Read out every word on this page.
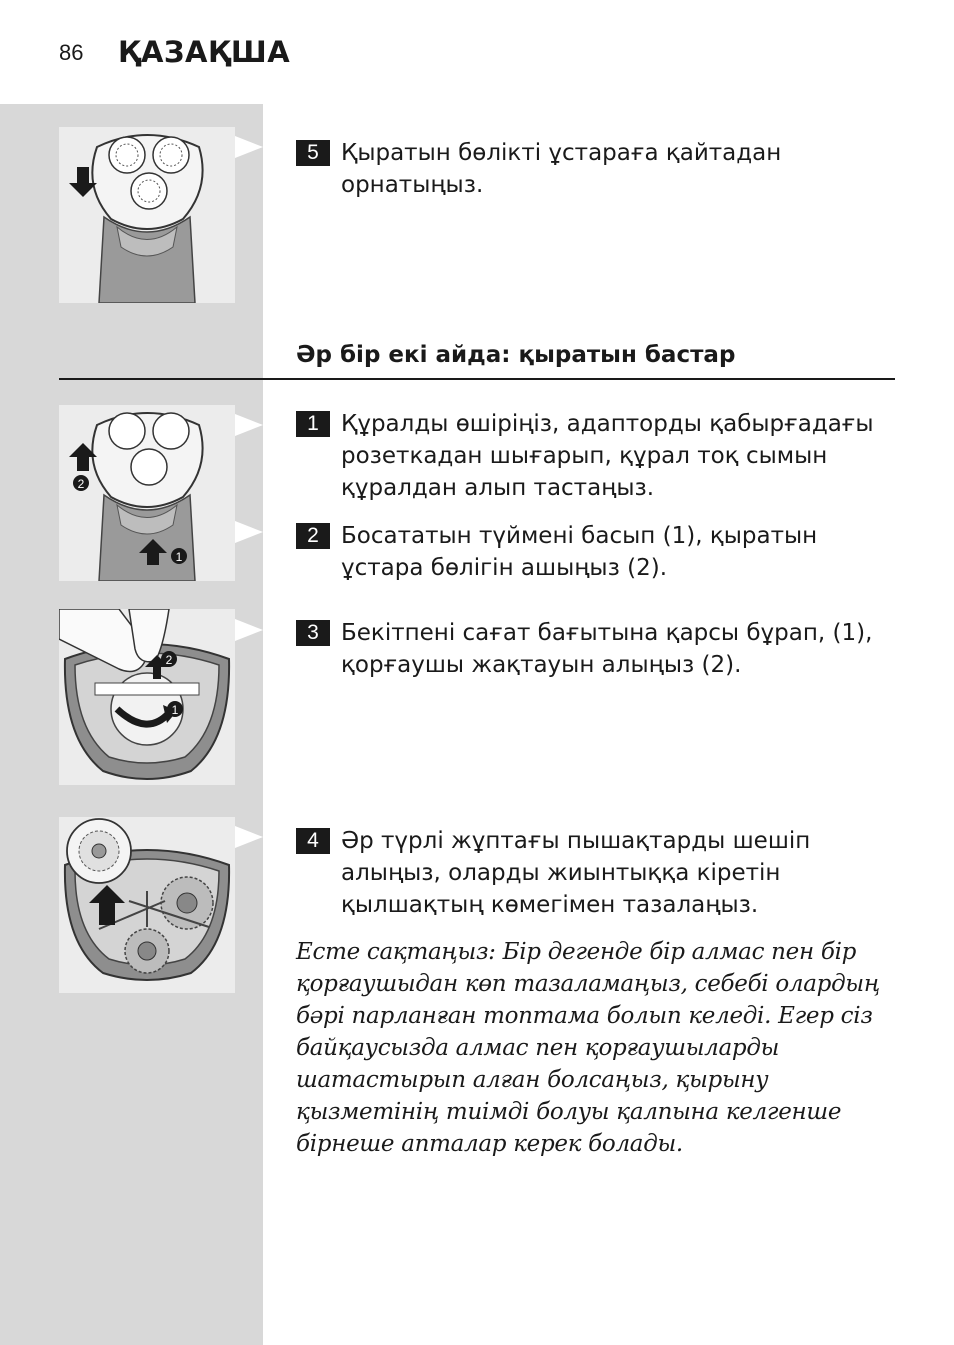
86 ҚАЗАҚША
5 Қыратын бөлікті ұстараға қайтадан орнатыңыз.
Әр бір екі айда: қыратын бастар
2
1
1 Құралды өшіріңіз, адапторды қабырғадағы розеткадан шығарып, құрал тоқ сымын құралдан алып тастаңыз.
2 Босататын түймені басып (1), қыратын ұстара бөлігін ашыңыз (2).
2
1
3 Бекітпені сағат бағытына қарсы бұрап, (1), қорғаушы жақтауын алыңыз (2).
4 Әр түрлі жұптағы пышақтарды шешіп алыңыз, оларды жиынтыққа кіретін қылшақтың көмегімен тазалаңыз.
Есте сақтаңыз: Бір дегенде бір алмас пен бір қорғаушыдан көп тазаламаңыз, себебі олардың бәрі парланған топтама болып келеді. Егер сіз байқаусызда алмас пен қорғаушыларды шатастырып алған болсаңыз, қырыну қызметінің тиімді болуы қалпына келгенше бірнеше апталар керек болады.
